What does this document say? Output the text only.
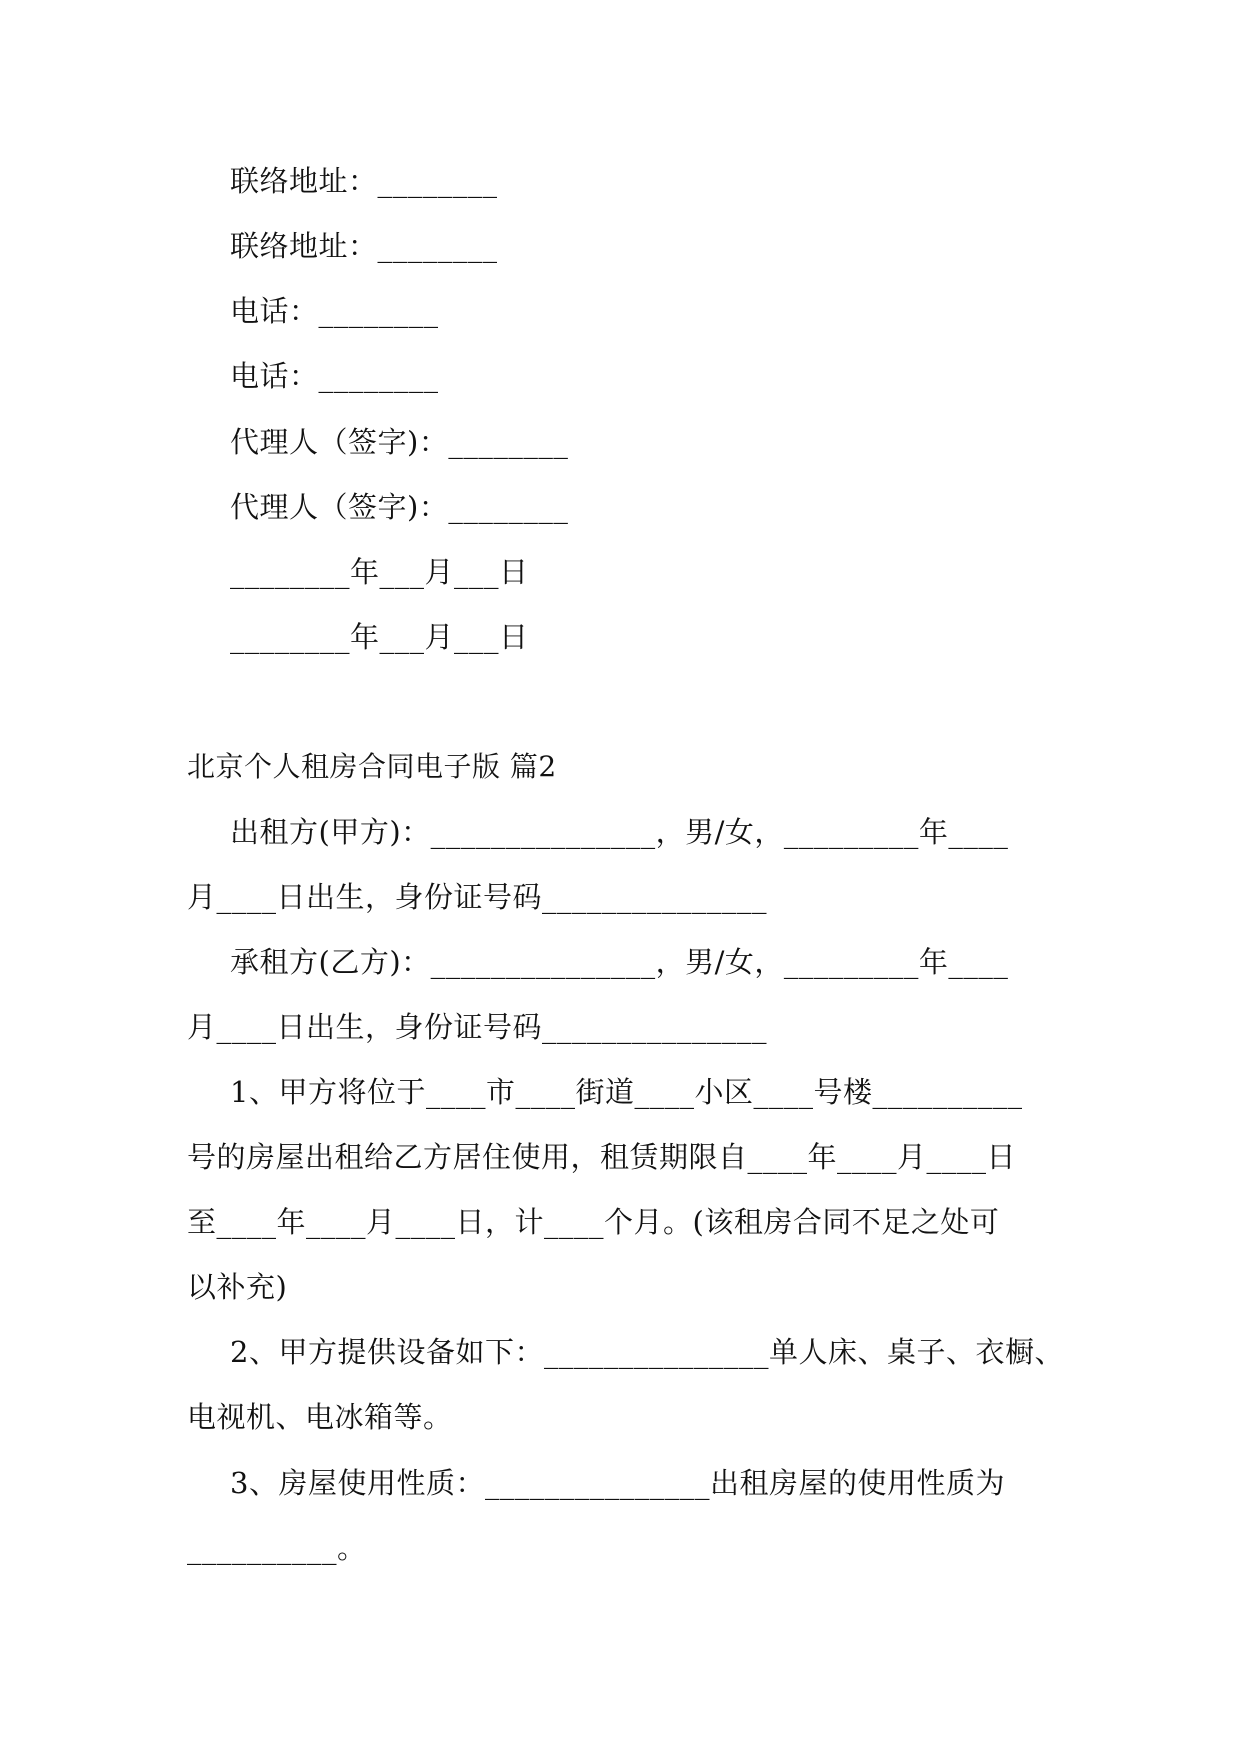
联络地址：________
联络地址：________
电话：________
电话：________
代理人（签字)：________
代理人（签字)：________
________年___月___日
________年___月___日
北京个人租房合同电子版 篇2
出租方(甲方)：_______________，男/女，_________年____
月____日出生，身份证号码_______________
承租方(乙方)：_______________，男/女，_________年____
月____日出生，身份证号码_______________
1、甲方将位于____市____街道____小区____号楼__________
号的房屋出租给乙方居住使用，租赁期限自____年____月____日
至____年____月____日，计____个月。(该租房合同不足之处可
以补充)
2、甲方提供设备如下：_______________单人床、桌子、衣橱、
电视机、电冰箱等。
3、房屋使用性质：_______________出租房屋的使用性质为
__________。
